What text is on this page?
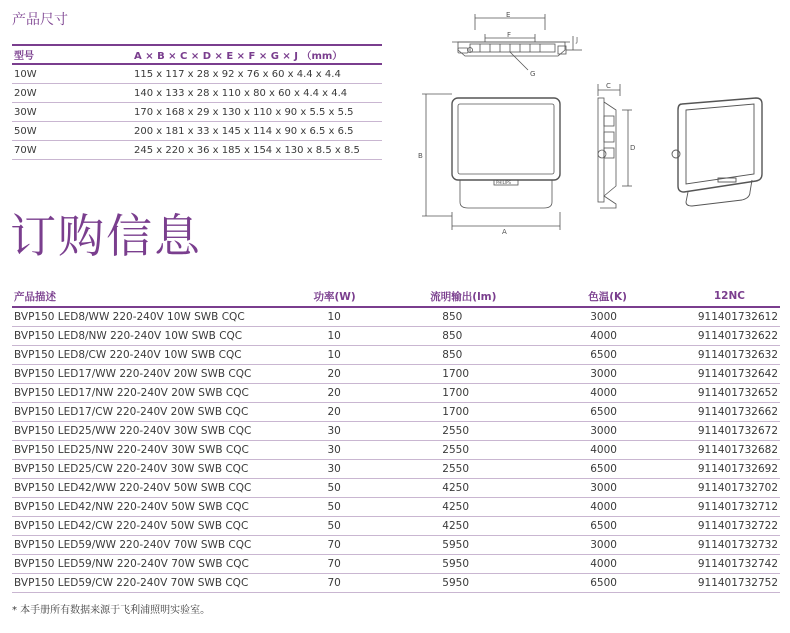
产品尺寸
型号	A × B × C × D × E × F × G × J （mm）
10W	115 x 117 x 28 x 92 x 76 x 60 x 4.4 x 4.4
20W	140 x 133 x 28 x 110 x 80 x 60 x 4.4 x 4.4
30W	170 x 168 x 29 x 130 x 110 x 90 x 5.5 x 5.5
50W	200 x 181 x 33 x 145 x 114 x 90 x 6.5 x 6.5
70W	245 x 220 x 36 x 185 x 154 x 130 x 8.5 x 8.5
E
F
G
J
B
A
PHILIPS
C
D
订购信息
产品描述	功率(W)	流明输出(lm)	色温(K)	12NC
BVP150 LED8/WW 220-240V 10W SWB CQC	10	850	3000	911401732612
BVP150 LED8/NW 220-240V 10W SWB CQC	10	850	4000	911401732622
BVP150 LED8/CW 220-240V 10W SWB CQC	10	850	6500	911401732632
BVP150 LED17/WW 220-240V 20W SWB CQC	20	1700	3000	911401732642
BVP150 LED17/NW 220-240V 20W SWB CQC	20	1700	4000	911401732652
BVP150 LED17/CW 220-240V 20W SWB CQC	20	1700	6500	911401732662
BVP150 LED25/WW 220-240V 30W SWB CQC	30	2550	3000	911401732672
BVP150 LED25/NW 220-240V 30W SWB CQC	30	2550	4000	911401732682
BVP150 LED25/CW 220-240V 30W SWB CQC	30	2550	6500	911401732692
BVP150 LED42/WW 220-240V 50W SWB CQC	50	4250	3000	911401732702
BVP150 LED42/NW 220-240V 50W SWB CQC	50	4250	4000	911401732712
BVP150 LED42/CW 220-240V 50W SWB CQC	50	4250	6500	911401732722
BVP150 LED59/WW 220-240V 70W SWB CQC	70	5950	3000	911401732732
BVP150 LED59/NW 220-240V 70W SWB CQC	70	5950	4000	911401732742
BVP150 LED59/CW 220-240V 70W SWB CQC	70	5950	6500	911401732752

* 本手册所有数据来源于飞利浦照明实验室。
